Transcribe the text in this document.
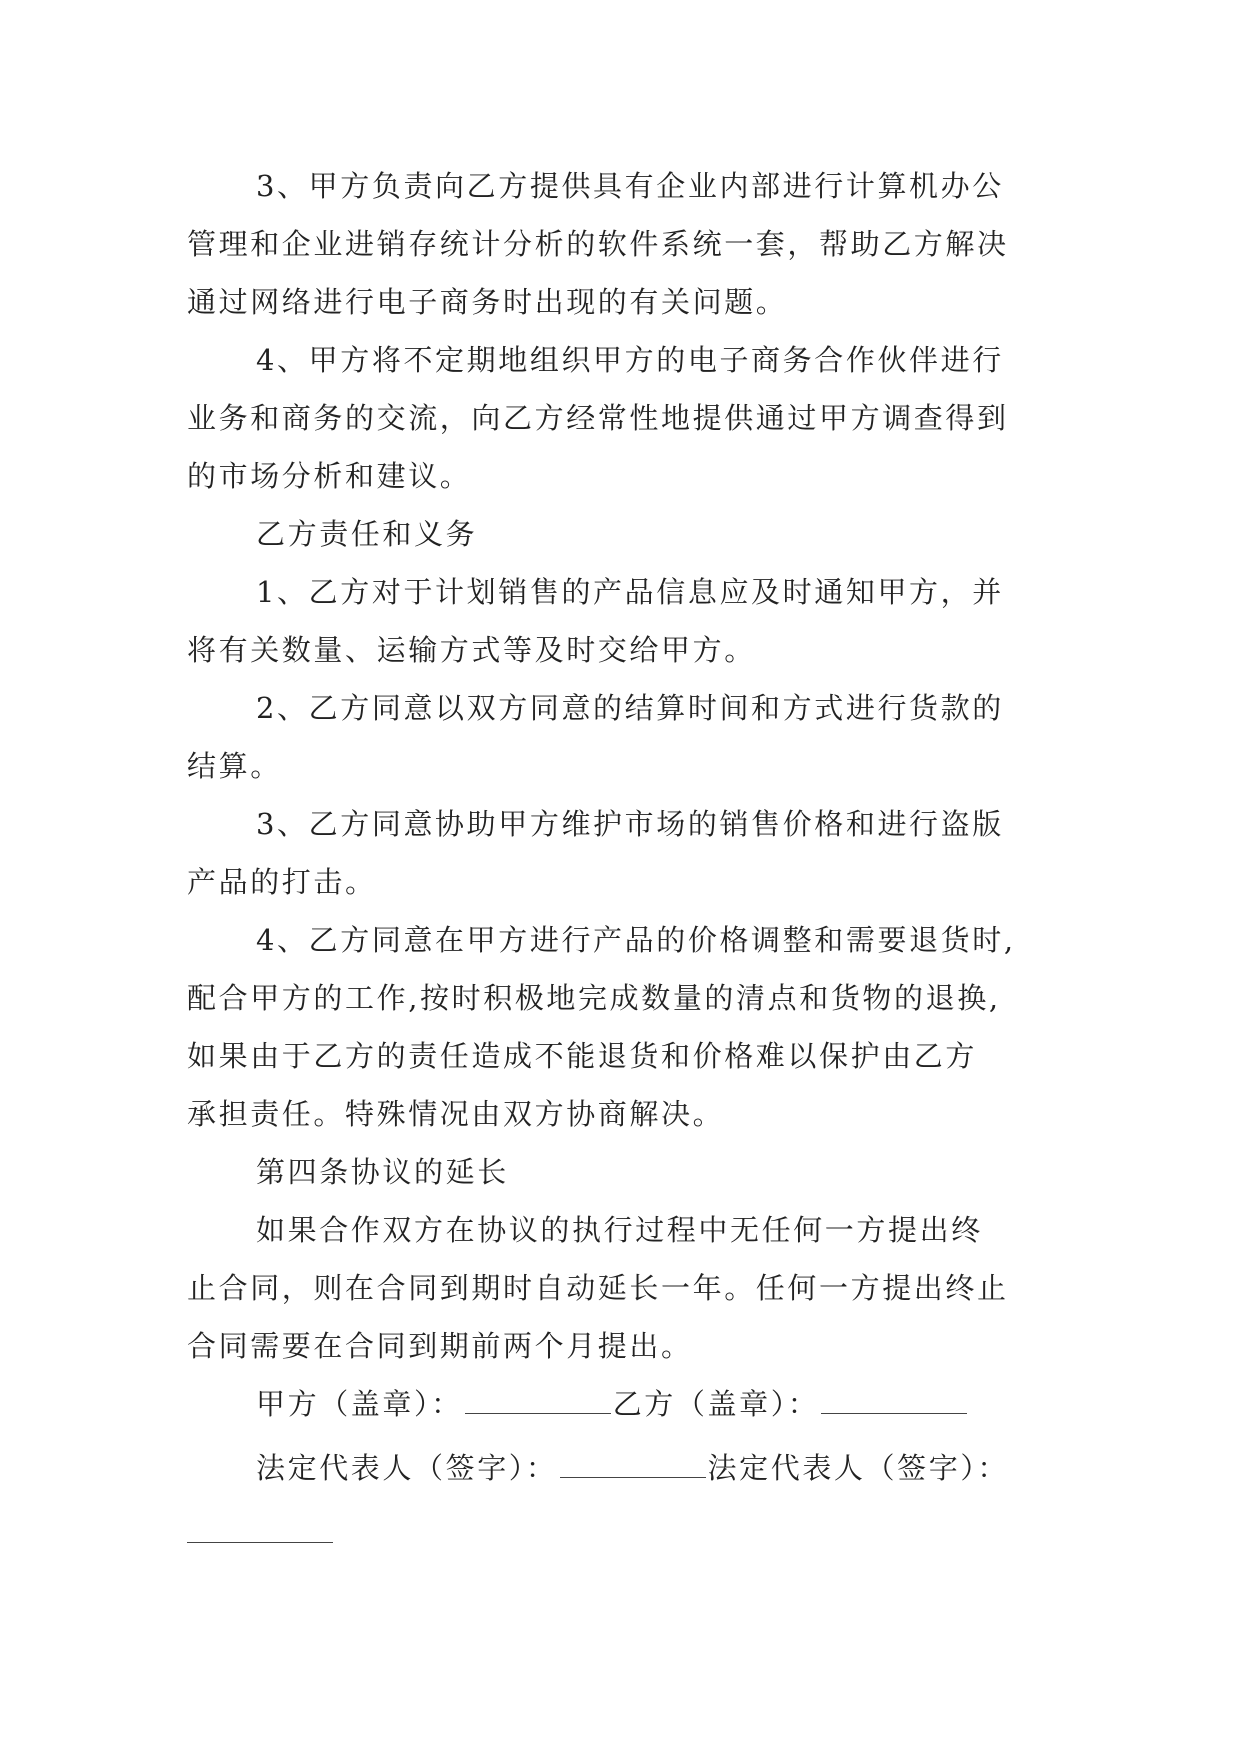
3、甲方负责向乙方提供具有企业内部进行计算机办公
管理和企业进销存统计分析的软件系统一套，帮助乙方解决
通过网络进行电子商务时出现的有关问题。
4、甲方将不定期地组织甲方的电子商务合作伙伴进行
业务和商务的交流，向乙方经常性地提供通过甲方调查得到
的市场分析和建议。
乙方责任和义务
1、乙方对于计划销售的产品信息应及时通知甲方，并
将有关数量、运输方式等及时交给甲方。
2、乙方同意以双方同意的结算时间和方式进行货款的
结算。
3、乙方同意协助甲方维护市场的销售价格和进行盗版
产品的打击。
4、乙方同意在甲方进行产品的价格调整和需要退货时,
配合甲方的工作,按时积极地完成数量的清点和货物的退换,
如果由于乙方的责任造成不能退货和价格难以保护由乙方
承担责任。特殊情况由双方协商解决。
第四条协议的延长
如果合作双方在协议的执行过程中无任何一方提出终
止合同，则在合同到期时自动延长一年。任何一方提出终止
合同需要在合同到期前两个月提出。
甲方（盖章）：	乙方（盖章）：
法定代表人（签字）：	法定代表人（签字）：
